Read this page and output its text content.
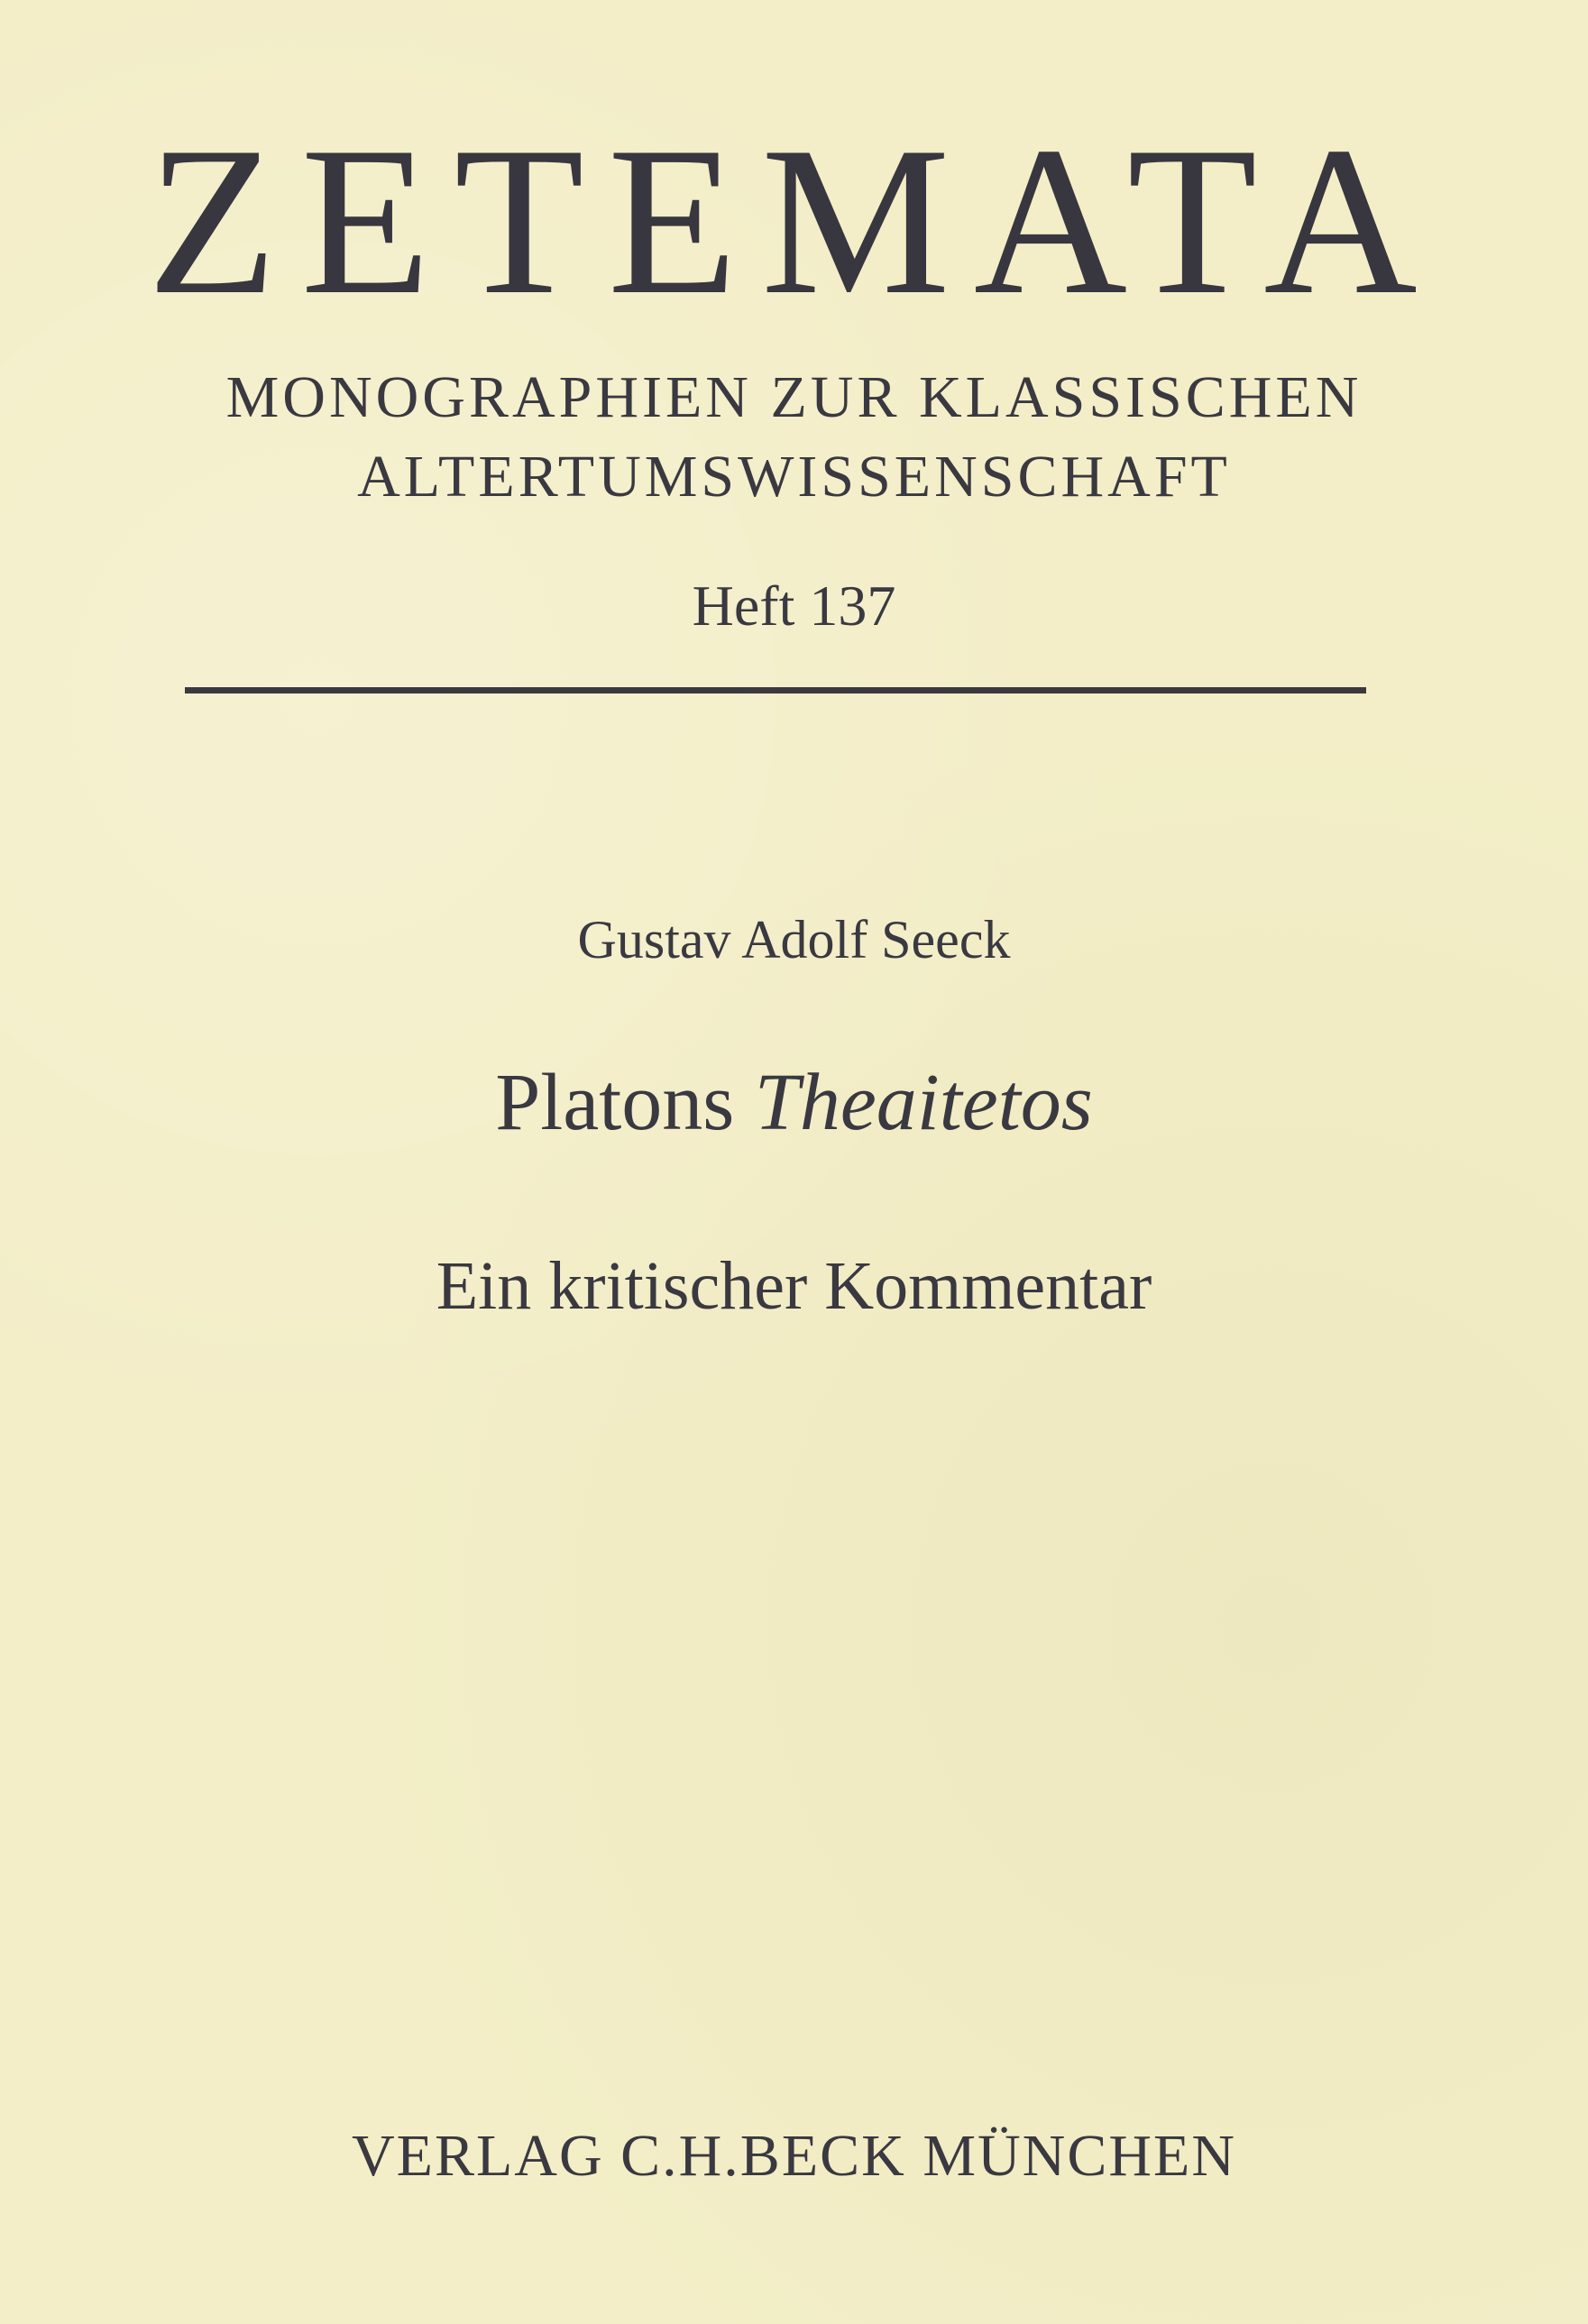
ZETEMATA
MONOGRAPHIEN ZUR KLASSISCHEN
ALTERTUMSWISSENSCHAFT
Heft 137
Gustav Adolf Seeck
Platons Theaitetos
Ein kritischer Kommentar
VERLAG C.H.BECK MÜNCHEN
